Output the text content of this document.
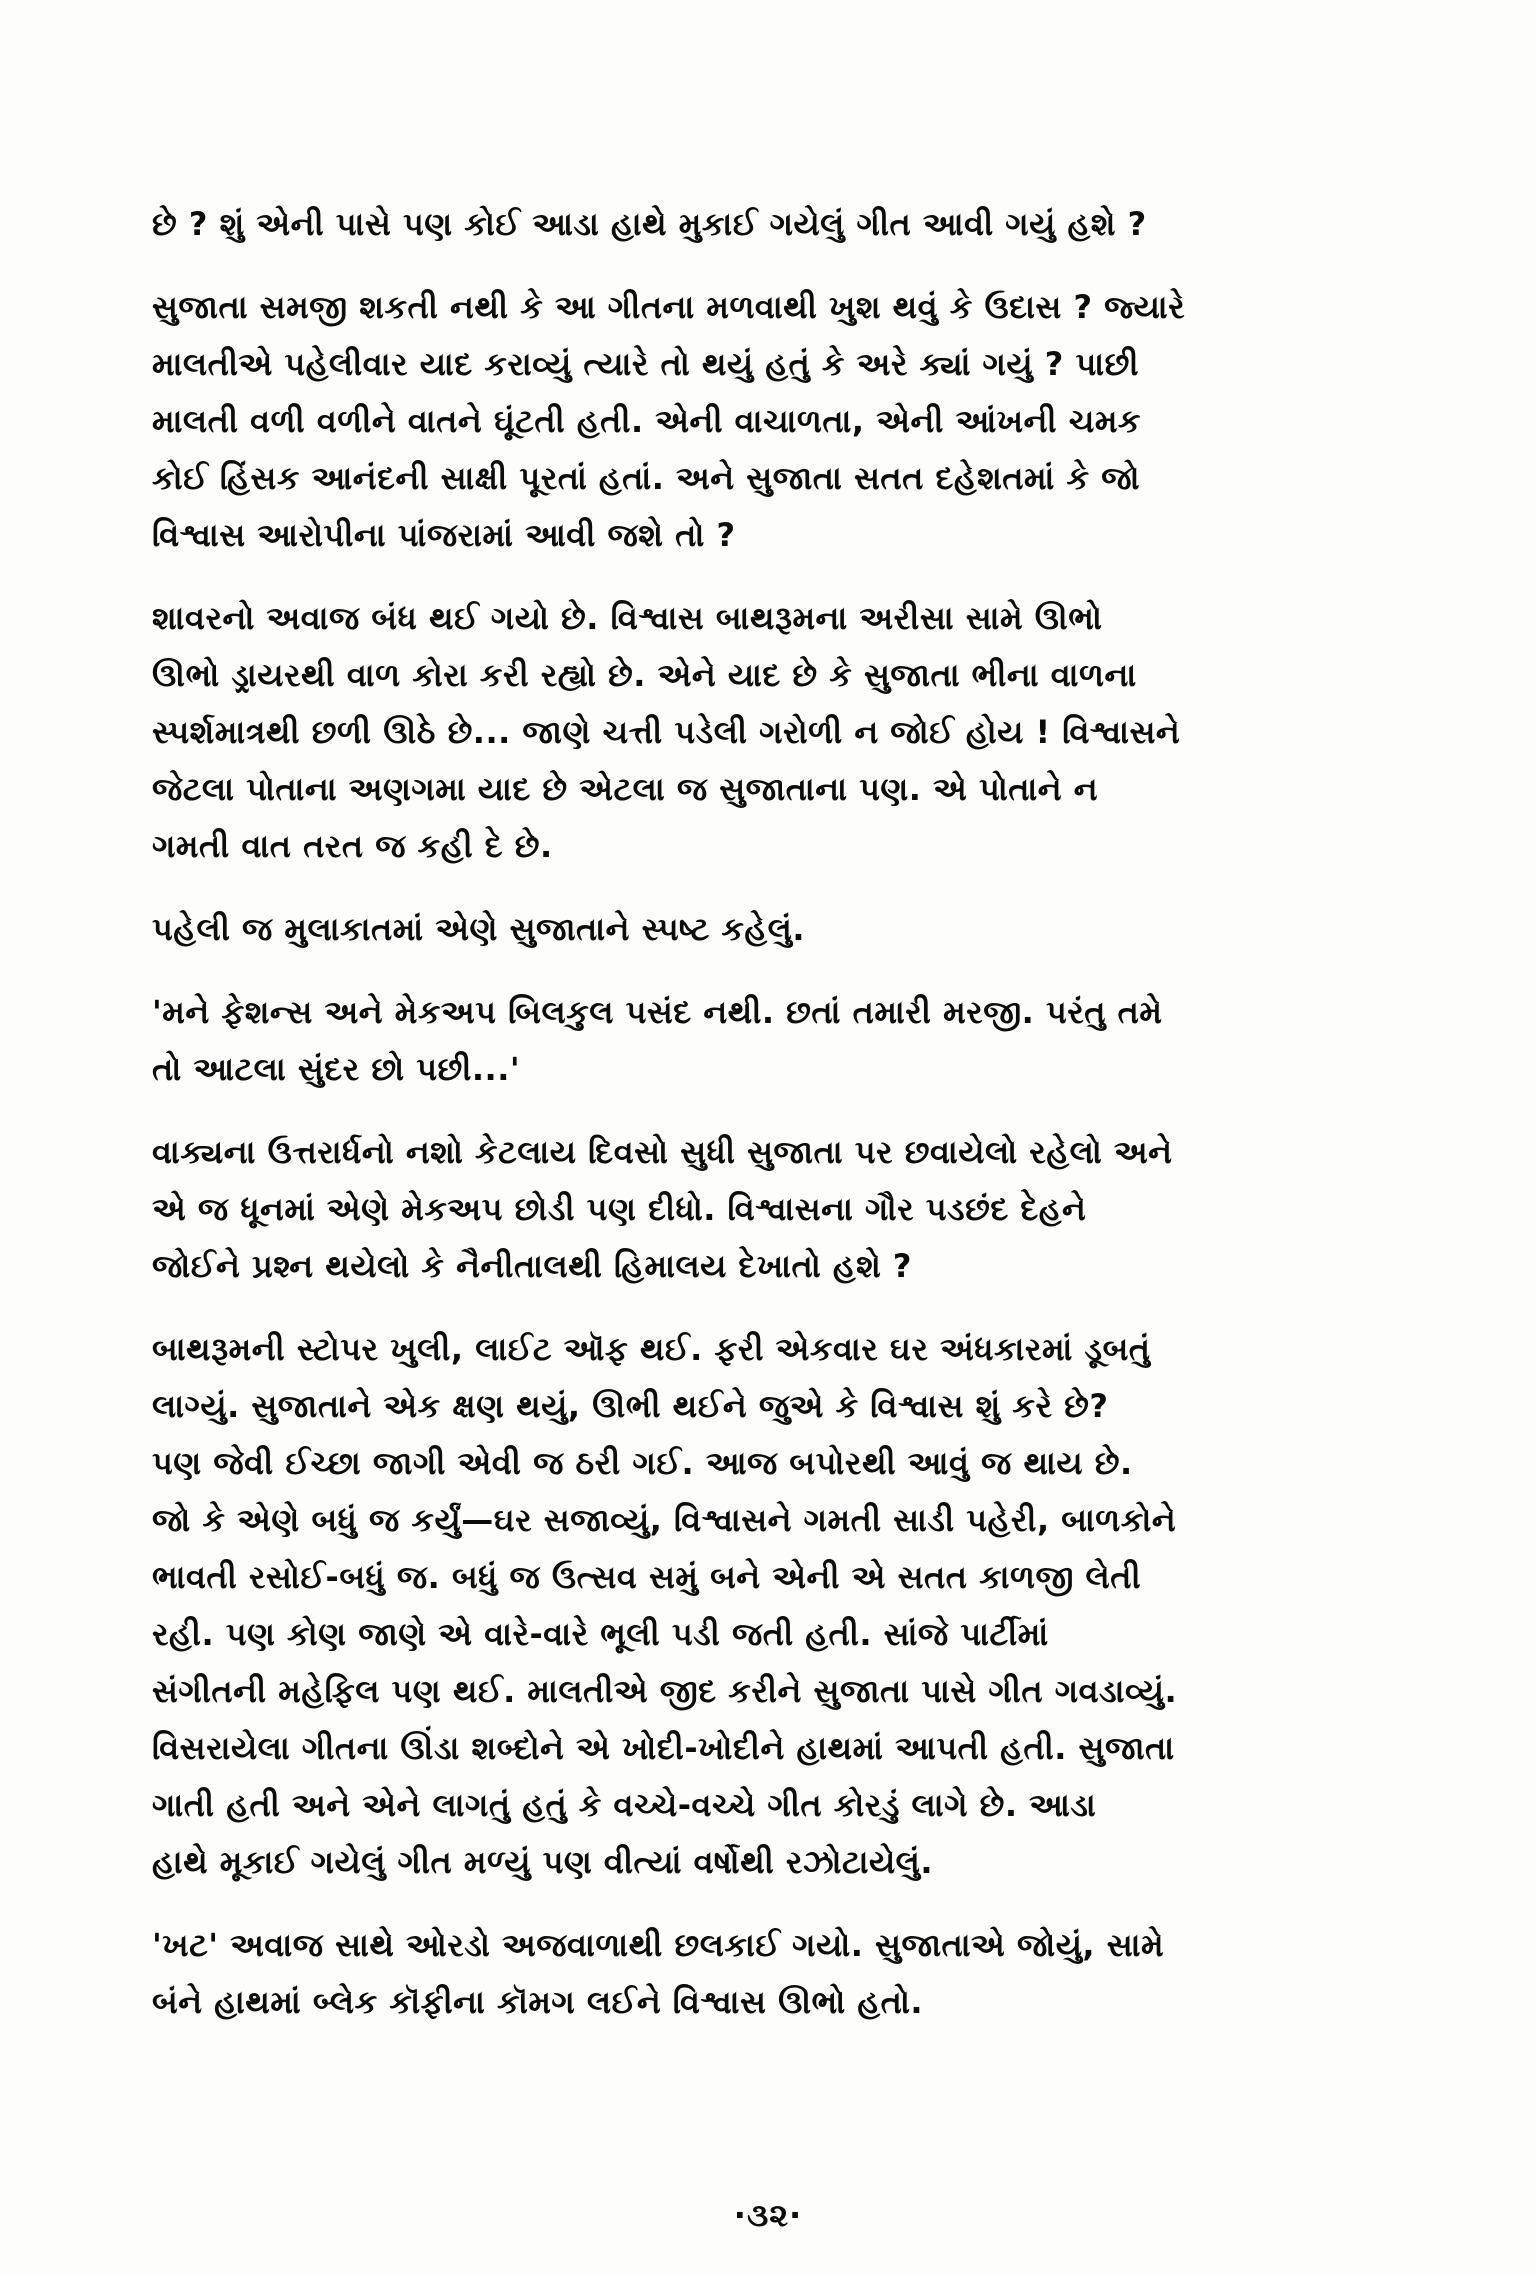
છે ? શું એની પાસે પણ કોઈ આડા હાથે મુકાઈ ગયેલું ગીત આવી ગયું હશે ?

સુજાતા સમજી શકતી નથી કે આ ગીતના મળવાથી ખુશ થવું કે ઉદાસ ? જ્યારે
માલતીએ પહેલીવાર યાદ કરાવ્યું ત્યારે તો થયું હતું કે અરે ક્યાં ગયું ? પાછી
માલતી વળી વળીને વાતને ઘૂંટતી હતી. એની વાચાળતા, એની આંખની ચમક
કોઈ હિંસક આનંદની સાક્ષી પૂરતાં હતાં. અને સુજાતા સતત દહેશતમાં કે જો
વિશ્વાસ આરોપીના પાંજરામાં આવી જશે તો ?

શાવરનો અવાજ બંધ થઈ ગયો છે. વિશ્વાસ બાથરૂમના અરીસા સામે ઊભો
ઊભો ડ્રાયરથી વાળ કોરા કરી રહ્યો છે. એને યાદ છે કે સુજાતા ભીના વાળના
સ્પર્શમાત્રથી છળી ઊઠે છે... જાણે ચત્તી પડેલી ગરોળી ન જોઈ હોય ! વિશ્વાસને
જેટલા પોતાના અણગમા યાદ છે એટલા જ સુજાતાના પણ. એ પોતાને ન
ગમતી વાત તરત જ કહી દે છે.

પહેલી જ મુલાકાતમાં એણે સુજાતાને સ્પષ્ટ કહેલું.

'મને ફેશન્સ અને મેકઅપ બિલકુલ પસંદ નથી. છતાં તમારી મરજી. પરંતુ તમે
તો આટલા સુંદર છો પછી...'

વાક્યના ઉત્તરાર્ધનો નશો કેટલાય દિવસો સુધી સુજાતા પર છવાયેલો રહેલો અને
એ જ ધૂનમાં એણે મેકઅપ છોડી પણ દીધો. વિશ્વાસના ગૌર પડછંદ દેહને
જોઈને પ્રશ્ન થયેલો કે નૈનીતાલથી હિમાલય દેખાતો હશે ?

બાથરૂમની સ્ટોપર ખુલી, લાઈટ ઑફ થઈ. ફરી એકવાર ઘર અંધકારમાં ડૂબતું
લાગ્યું. સુજાતાને એક ક્ષણ થયું, ઊભી થઈને જુએ કે વિશ્વાસ શું કરે છે?
પણ જેવી ઈચ્છા જાગી એવી જ ઠરી ગઈ. આજ બપોરથી આવું જ થાય છે.
જો કે એણે બધું જ કર્યું—ઘર સજાવ્યું, વિશ્વાસને ગમતી સાડી પહેરી, બાળકોને
ભાવતી રસોઈ-બધું જ. બધું જ ઉત્સવ સમું બને એની એ સતત કાળજી લેતી
રહી. પણ કોણ જાણે એ વારે-વારે ભૂલી પડી જતી હતી. સાંજે પાર્ટીમાં
સંગીતની મહેફિલ પણ થઈ. માલતીએ જીદ કરીને સુજાતા પાસે ગીત ગવડાવ્યું.
વિસરાયેલા ગીતના ઊંડા શબ્દોને એ ખોદી-ખોદીને હાથમાં આપતી હતી. સુજાતા
ગાતી હતી અને એને લાગતું હતું કે વચ્ચે-વચ્ચે ગીત કોરડું લાગે છે. આડા
હાથે મૂકાઈ ગયેલું ગીત મળ્યું પણ વીત્યાં વર્ષોથી રઝોટાયેલું.

'ખટ' અવાજ સાથે ઓરડો અજવાળાથી છલકાઈ ગયો. સુજાતાએ જોયું, સામે
બંને હાથમાં બ્લેક કૉફીના કૉમગ લઈને વિશ્વાસ ઊભો હતો.

·૩૨·
